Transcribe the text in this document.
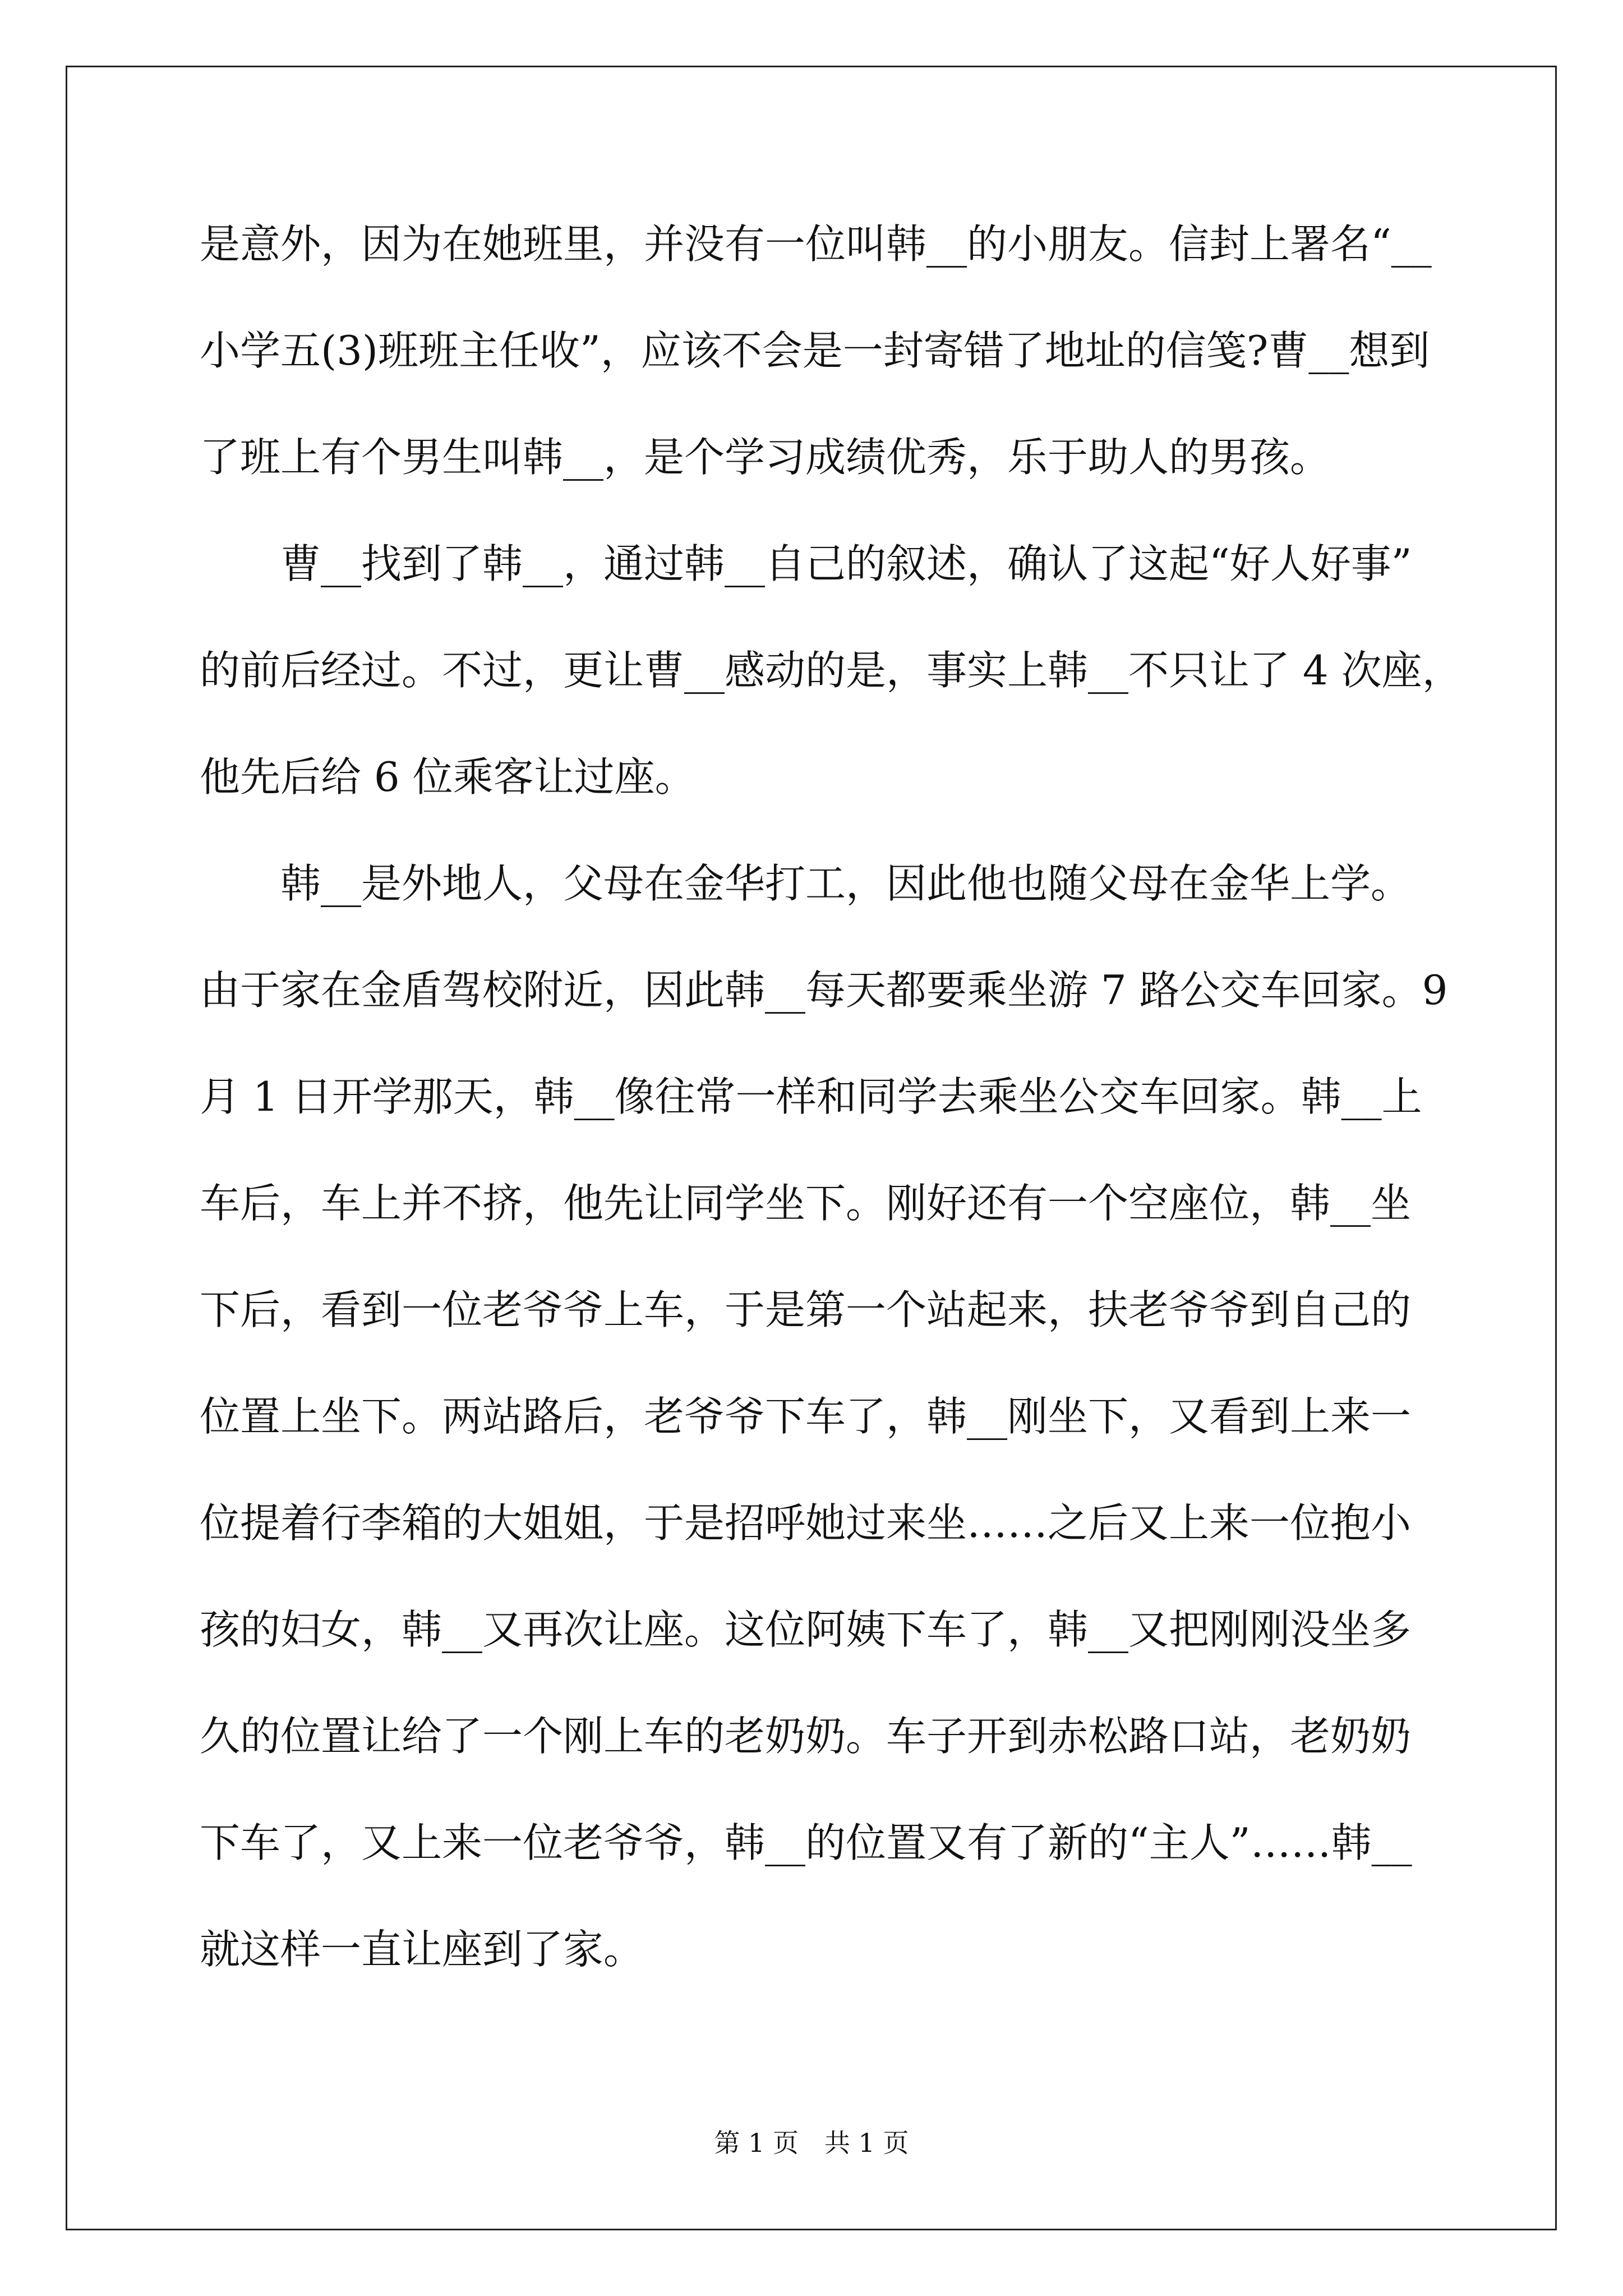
是意外，因为在她班里，并没有一位叫韩__的小朋友。信封上署名“__
小学五(3)班班主任收”，应该不会是一封寄错了地址的信笺?曹__想到
了班上有个男生叫韩__，是个学习成绩优秀，乐于助人的男孩。
曹__找到了韩__，通过韩__自己的叙述，确认了这起“好人好事”
的前后经过。不过，更让曹__感动的是，事实上韩__不只让了 4 次座，
他先后给 6 位乘客让过座。
韩__是外地人，父母在金华打工，因此他也随父母在金华上学。
由于家在金盾驾校附近，因此韩__每天都要乘坐游 7 路公交车回家。9
月 1 日开学那天，韩__像往常一样和同学去乘坐公交车回家。韩__上
车后，车上并不挤，他先让同学坐下。刚好还有一个空座位，韩__坐
下后，看到一位老爷爷上车，于是第一个站起来，扶老爷爷到自己的
位置上坐下。两站路后，老爷爷下车了，韩__刚坐下，又看到上来一
位提着行李箱的大姐姐，于是招呼她过来坐……之后又上来一位抱小
孩的妇女，韩__又再次让座。这位阿姨下车了，韩__又把刚刚没坐多
久的位置让给了一个刚上车的老奶奶。车子开到赤松路口站，老奶奶
下车了，又上来一位老爷爷，韩__的位置又有了新的“主人”……韩__
就这样一直让座到了家。
第 1 页　共 1 页
